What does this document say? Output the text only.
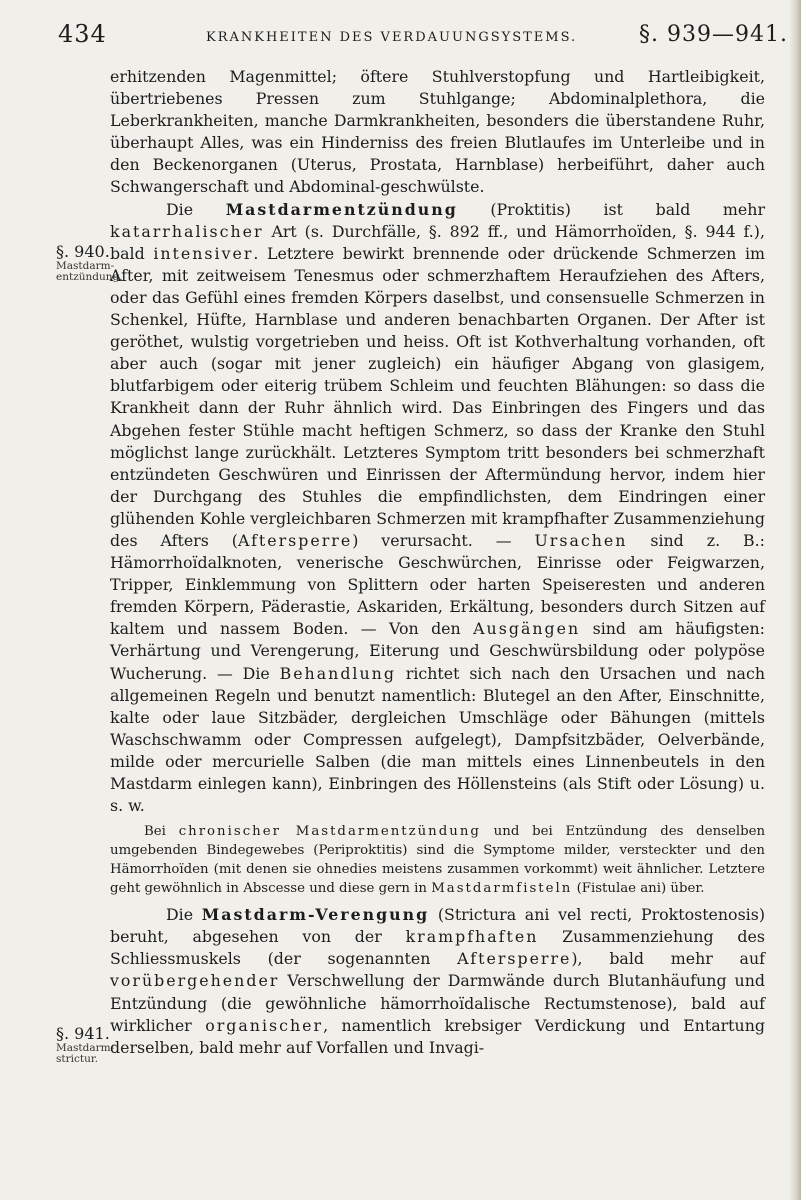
434	KRANKHEITEN DES VERDAUUNGSYSTEMS.	§. 939—941.
§. 940.
Mastdarm-entzündung.
§. 941.
Mastdarm-strictur.

erhitzenden Magenmittel; öftere Stuhlverstopfung und Hartleibigkeit, übertriebenes Pressen zum Stuhlgange; Abdominalplethora, die Leberkrankheiten, manche Darmkrankheiten, besonders die überstandene Ruhr, überhaupt Alles, was ein Hinderniss des freien Blutlaufes im Unterleibe und in den Beckenorganen (Uterus, Prostata, Harnblase) herbeiführt, daher auch Schwangerschaft und Abdominal-geschwülste.

Die Mastdarmentzündung (Proktitis) ist bald mehr katarrhalischer Art (s. Durchfälle, §. 892 ff., und Hämorrhoïden, §. 944 f.), bald intensiver. Letztere bewirkt brennende oder drückende Schmerzen im After, mit zeitweisem Tenesmus oder schmerzhaftem Heraufziehen des Afters, oder das Gefühl eines fremden Körpers daselbst, und consensuelle Schmerzen in Schenkel, Hüfte, Harnblase und anderen benachbarten Organen. Der After ist geröthet, wulstig vorgetrieben und heiss. Oft ist Kothverhaltung vorhanden, oft aber auch (sogar mit jener zugleich) ein häufiger Abgang von glasigem, blutfarbigem oder eiterig trübem Schleim und feuchten Blähungen: so dass die Krankheit dann der Ruhr ähnlich wird. Das Einbringen des Fingers und das Abgehen fester Stühle macht heftigen Schmerz, so dass der Kranke den Stuhl möglichst lange zurückhält. Letzteres Symptom tritt besonders bei schmerzhaft entzündeten Geschwüren und Einrissen der Aftermündung hervor, indem hier der Durchgang des Stuhles die empfindlichsten, dem Eindringen einer glühenden Kohle vergleichbaren Schmerzen mit krampfhafter Zusammenziehung des Afters (Aftersperre) verursacht. — Ursachen sind z. B.: Hämorrhoïdalknoten, venerische Geschwürchen, Einrisse oder Feigwarzen, Tripper, Einklemmung von Splittern oder harten Speiseresten und anderen fremden Körpern, Päderastie, Askariden, Erkältung, besonders durch Sitzen auf kaltem und nassem Boden. — Von den Ausgängen sind am häufigsten: Verhärtung und Verengerung, Eiterung und Geschwürsbildung oder polypöse Wucherung. — Die Behandlung richtet sich nach den Ursachen und nach allgemeinen Regeln und benutzt namentlich: Blutegel an den After, Einschnitte, kalte oder laue Sitzbäder, dergleichen Umschläge oder Bähungen (mittels Waschschwamm oder Compressen aufgelegt), Dampfsitzbäder, Oelverbände, milde oder mercurielle Salben (die man mittels eines Linnenbeutels in den Mastdarm einlegen kann), Einbringen des Höllensteins (als Stift oder Lösung) u. s. w.

Bei chronischer Mastdarmentzündung und bei Entzündung des denselben umgebenden Bindegewebes (Periproktitis) sind die Symptome milder, versteckter und den Hämorrhoïden (mit denen sie ohnedies meistens zusammen vorkommt) weit ähnlicher. Letztere geht gewöhnlich in Abscesse und diese gern in Mastdarmfisteln (Fistulae ani) über.

Die Mastdarm-Verengung (Strictura ani vel recti, Proktostenosis) beruht, abgesehen von der krampfhaften Zusammenziehung des Schliessmuskels (der sogenannten Aftersperre), bald mehr auf vorübergehender Verschwellung der Darmwände durch Blutanhäufung und Entzündung (die gewöhnliche hämorrhoïdalische Rectumstenose), bald auf wirklicher organischer, namentlich krebsiger Verdickung und Entartung derselben, bald mehr auf Vorfallen und Invagi-
